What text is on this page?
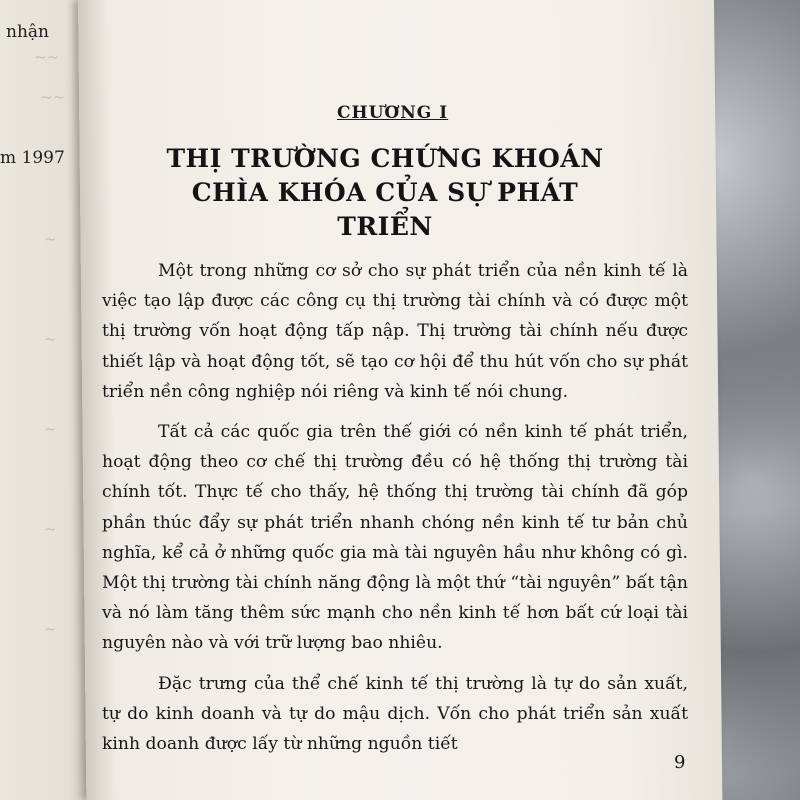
nhận
m 1997
~~
~~
~
~
~
~
~

CHƯƠNG I
THỊ TRƯỜNG CHỨNG KHOÁN
CHÌA KHÓA CỦA SỰ PHÁT TRIỂN

Một trong những cơ sở cho sự phát triển của nền kinh tế là việc tạo lập được các công cụ thị trường tài chính và có được một thị trường vốn hoạt động tấp nập. Thị trường tài chính nếu được thiết lập và hoạt động tốt, sẽ tạo cơ hội để thu hút vốn cho sự phát triển nền công nghiệp nói riêng và kinh tế nói chung.

Tất cả các quốc gia trên thế giới có nền kinh tế phát triển, hoạt động theo cơ chế thị trường đều có hệ thống thị trường tài chính tốt. Thực tế cho thấy, hệ thống thị trường tài chính đã góp phần thúc đẩy sự phát triển nhanh chóng nền kinh tế tư bản chủ nghĩa, kể cả ở những quốc gia mà tài nguyên hầu như không có gì. Một thị trường tài chính năng động là một thứ “tài nguyên” bất tận và nó làm tăng thêm sức mạnh cho nền kinh tế hơn bất cứ loại tài nguyên nào và với trữ lượng bao nhiêu.

Đặc trưng của thể chế kinh tế thị trường là tự do sản xuất, tự do kinh doanh và tự do mậu dịch. Vốn cho phát triển sản xuất kinh doanh được lấy từ những nguồn tiết

9
